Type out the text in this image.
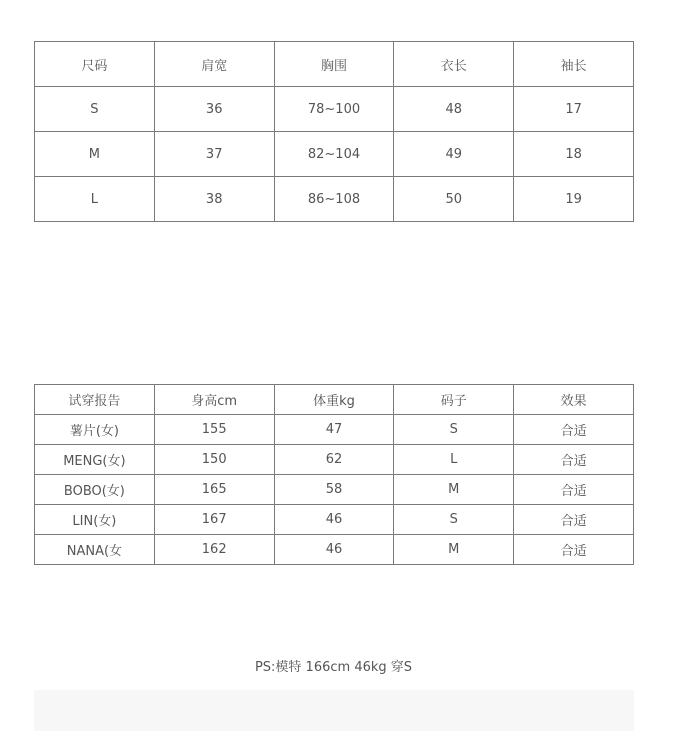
尺码	肩宽	胸围	衣长	袖长
S	36	78~100	48	17
M	37	82~104	49	18
L	38	86~108	50	19
试穿报告	身高cm	体重kg	码子	效果
薯片(女)	155	47	S	合适
MENG(女)	150	62	L	合适
BOBO(女)	165	58	M	合适
LIN(女)	167	46	S	合适
NANA(女	162	46	M	合适
PS:模特 166cm 46kg 穿S
